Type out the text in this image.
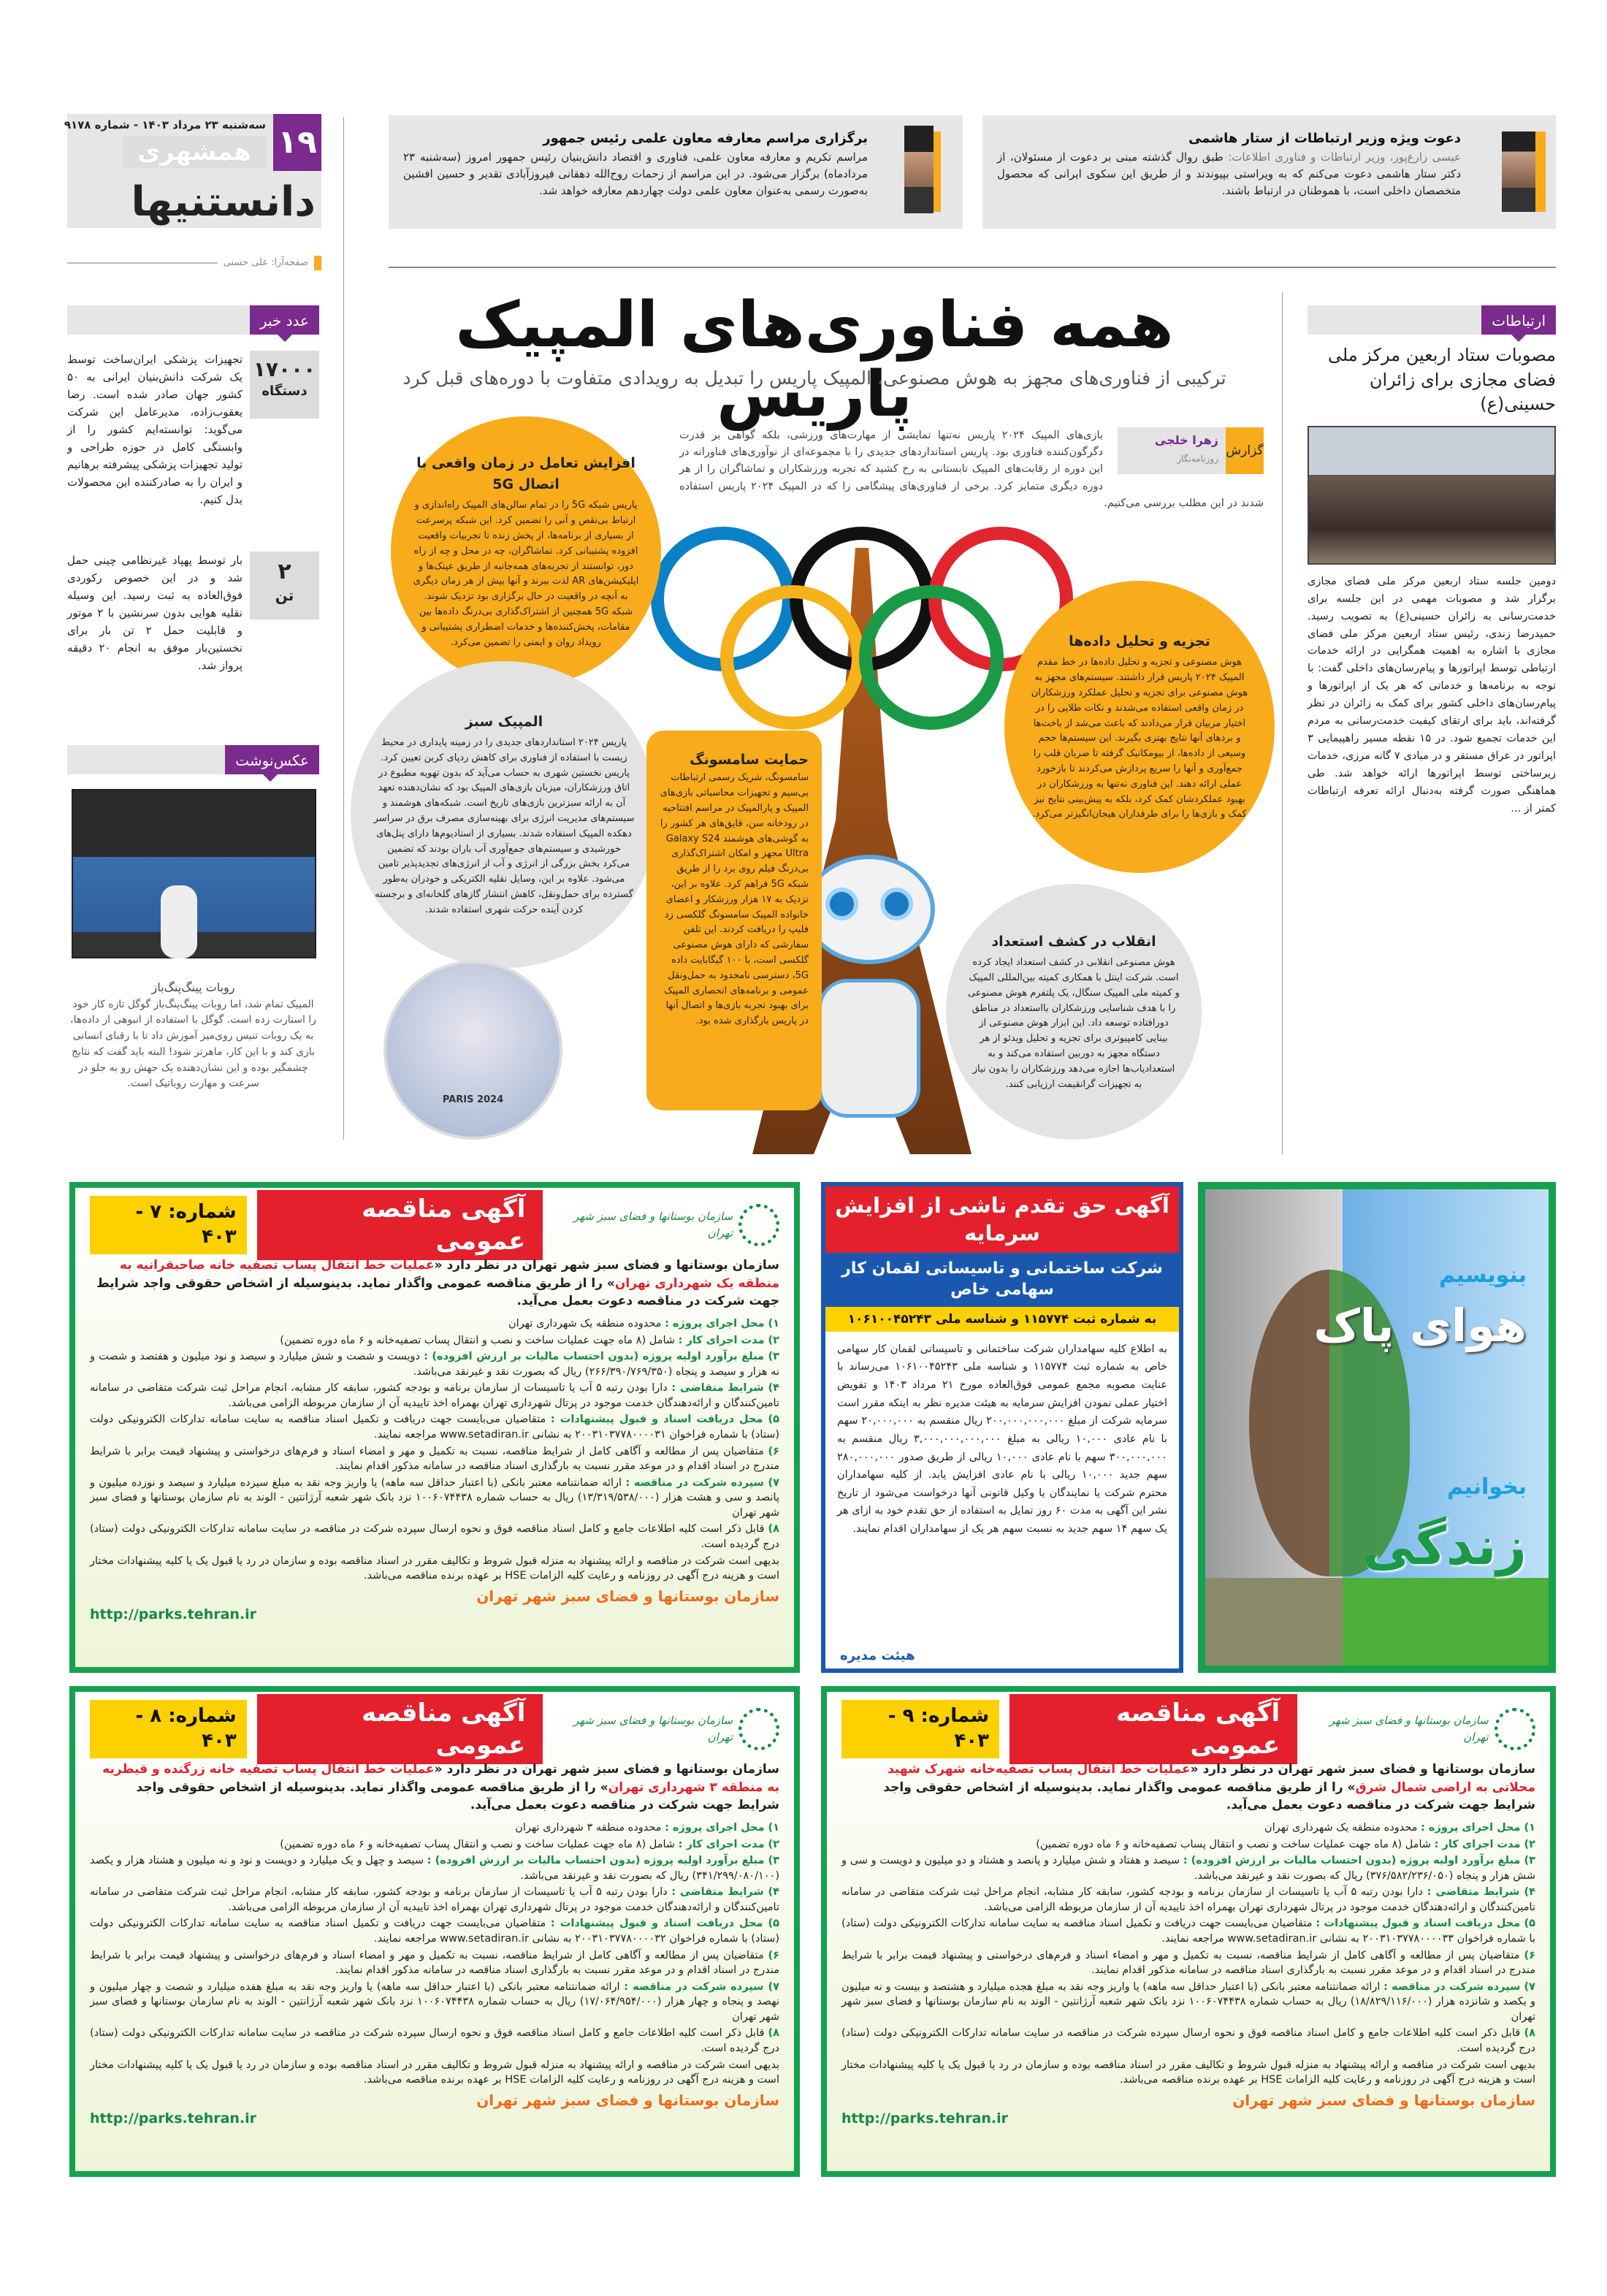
۱۹
سه‌شنبه ۲۳ مرداد ۱۴۰۳ - شماره ۹۱۷۸
همشهری
دانستنیها
صفحه‌آرا: علی حسنی
برگزاری مراسم معارفه معاون علمی رئیس جمهور
مراسم تکریم و معارفه معاون علمی، فناوری و اقتصاد دانش‌بنیان رئیس جمهور امروز (سه‌شنبه ۲۳ مردادماه) برگزار می‌شود. در این مراسم از زحمات روح‌الله دهقانی فیروزآبادی تقدیر و حسین افشین به‌صورت رسمی به‌عنوان معاون علمی دولت چهاردهم معارفه خواهد شد.
دعوت ویژه وزیر ارتباطات از ستار هاشمی
عیسی زارع‌پور، وزیر ارتباطات و فناوری اطلاعات: طبق روال گذشته مبنی بر دعوت از مسئولان، از دکتر ستار هاشمی دعوت می‌کنم که به ویراستی بپیوندند و از طریق این سکوی ایرانی که محصول متخصصان داخلی است، با هموطنان در ارتباط باشند.
عدد خبر
۱۷۰۰۰
دستگاه
تجهیزات پزشکی ایران‌ساخت توسط یک شرکت دانش‌بنیان ایرانی به ۵۰ کشور جهان صادر شده است. رضا یعقوب‌زاده، مدیرعامل این شرکت می‌گوید: توانسته‌ایم کشور را از وابستگی کامل در حوزه طراحی و تولید تجهیزات پزشکی پیشرفته برهانیم و ایران را به صادرکننده این محصولات بدل کنیم.
۲
تن
بار توسط پهپاد غیرنظامی چینی حمل شد و در این خصوص رکوردی فوق‌العاده به ثبت رسید. این وسیله نقلیه هوایی بدون سرنشین با ۲ موتور و قابلیت حمل ۲ تن بار برای نخستین‌بار موفق به انجام ۲۰ دقیقه پرواز شد.
عکس‌نوشت
روبات پینگ‌پنگ‌باز
المپیک تمام شد، اما روبات پینگ‌پنگ‌باز گوگل تازه کار خود را استارت زده است. گوگل با استفاده از انبوهی از داده‌ها، به یک روبات تنیس روی‌میز آموزش داد تا با رقبای انسانی بازی کند و با این کار، ماهرتر شود! البته باید گفت که نتایج چشمگیر بوده و این نشان‌دهنده یک جهش رو به جلو در سرعت و مهارت روباتیک است.
همه فناوری‌های المپیک پاریس
ترکیبی از فناوری‌های مجهز به هوش مصنوعی، المپیک پاریس را تبدیل به رویدادی متفاوت با دوره‌های قبل کرد
گزارش
زهرا خلجی
روزنامه‌نگار
بازی‌های المپیک ۲۰۲۴ پاریس نه‌تنها نمایشی از مهارت‌های ورزشی، بلکه گواهی بر قدرت دگرگون‌کننده فناوری بود. پاریس استانداردهای جدیدی را با مجموعه‌ای از نوآوری‌های فناورانه در این دوره از رقابت‌های المپیک تابستانی به رخ کشید که تجربه ورزشکاران و تماشاگران را از هر دوره دیگری متمایز کرد. برخی از فناوری‌های پیشگامی را که در المپیک ۲۰۲۴ پاریس استفاده شدند در این مطلب بررسی می‌کنیم.
افزایش تعامل در زمان واقعی با اتصال 5G

پاریس شبکه 5G را در تمام سالن‌های المپیک راه‌اندازی و ارتباط بی‌نقص و آنی را تضمین کرد. این شبکه پرسرعت از بسیاری از برنامه‌ها، از پخش زنده تا تجربیات واقعیت افزوده پشتیبانی کرد. تماشاگران، چه در محل و چه از راه دور، توانستند از تجربه‌های همه‌جانبه از طریق عینک‌ها و اپلیکیشن‌های AR لذت ببرند و آنها بیش از هر زمان دیگری به آنچه در واقعیت در حال برگزاری بود نزدیک شوند. شبکه 5G همچنین از اشتراک‌گذاری بی‌درنگ داده‌ها بین مقامات، پخش‌کننده‌ها و خدمات اضطراری پشتیبانی و رویداد روان و ایمنی را تضمین می‌کرد.

المپیک سبز

پاریس ۲۰۲۴ استانداردهای جدیدی را در زمینه پایداری در محیط زیست با استفاده از فناوری برای کاهش ردپای کربن تعیین کرد. پاریس نخستین شهری به حساب می‌آید که بدون تهویه مطبوع در اتاق ورزشکاران، میزبان بازی‌های المپیک بود که نشان‌دهنده تعهد آن به ارائه سبزترین بازی‌های تاریخ است. شبکه‌های هوشمند و سیستم‌های مدیریت انرژی برای بهینه‌سازی مصرف برق در سراسر دهکده المپیک استفاده شدند. بسیاری از استادیوم‌ها دارای پنل‌های خورشیدی و سیستم‌های جمع‌آوری آب باران بودند که تضمین می‌کرد بخش بزرگی از انرژی و آب از انرژی‌های تجدیدپذیر تامین می‌شود. علاوه بر این، وسایل نقلیه الکتریکی و خودران به‌طور گسترده برای حمل‌ونقل، کاهش انتشار گازهای گلخانه‌ای و برجسته کردن آینده حرکت شهری استفاده شدند.

PARIS 2024
حمایت سامسونگ

سامسونگ، شریک رسمی ارتباطات بی‌سیم و تجهیزات محاسباتی بازی‌های المپیک و پارالمپیک در مراسم افتتاحیه در رودخانه سن، قایق‌های هر کشور را به گوشی‌های هوشمند Galaxy S24 Ultra مجهز و امکان اشتراک‌گذاری بی‌درنگ فیلم روی برد را از طریق شبکه 5G فراهم کرد. علاوه بر این، نزدیک به ۱۷ هزار ورزشکار و اعضای خانواده المپیک سامسونگ گلکسی زد فلیپ را دریافت کردند. این تلفن سفارشی که دارای هوش مصنوعی گلکسی است، با ۱۰۰ گیگابایت داده 5G، دسترسی نامحدود به حمل‌ونقل عمومی و برنامه‌های انحصاری المپیک برای بهبود تجربه بازی‌ها و اتصال آنها در پاریس بارگذاری شده بود.

تجزیه و تحلیل داده‌ها

هوش مصنوعی و تجزیه و تحلیل داده‌ها در خط مقدم المپیک ۲۰۲۴ پاریس قرار داشتند. سیستم‌های مجهز به هوش مصنوعی برای تجزیه و تحلیل عملکرد ورزشکاران در زمان واقعی استفاده می‌شدند و نکات طلایی را در اختیار مربیان قرار می‌دادند که باعث می‌شد از باخت‌ها و بردهای آنها نتایج بهتری بگیرند. این سیستم‌ها حجم وسیعی از داده‌ها، از بیومکانیک گرفته تا ضربان قلب را جمع‌آوری و آنها را سریع پردازش می‌کردند تا بازخورد عملی ارائه دهند. این فناوری نه‌تنها به ورزشکاران در بهبود عملکردشان کمک کرد، بلکه به پیش‌بینی نتایج نیز کمک و بازی‌ها را برای طرفداران هیجان‌انگیزتر می‌کرد.

انقلاب در کشف استعداد

هوش مصنوعی انقلابی در کشف استعداد ایجاد کرده است. شرکت اینتل با همکاری کمیته بین‌المللی المپیک و کمیته ملی المپیک سنگال، یک پلتفرم هوش مصنوعی را با هدف شناسایی ورزشکاران بااستعداد در مناطق دورافتاده توسعه داد. این ابزار هوش مصنوعی از بینایی کامپیوتری برای تجزیه و تحلیل ویدئو از هر دستگاه مجهز به دوربین استفاده می‌کند و به استعدادیاب‌ها اجازه می‌دهد ورزشکاران را بدون نیاز به تجهیزات گرانقیمت ارزیابی کنند.

ارتباطات
مصوبات ستاد اربعین مرکز ملی فضای مجازی برای زائران حسینی(ع)
دومین جلسه ستاد اربعین مرکز ملی فضای مجازی برگزار شد و مصوبات مهمی در این جلسه برای خدمت‌رسانی به زائران حسینی(ع) به تصویب رسید. حمیدرضا زندی، رئیس ستاد اربعین مرکز ملی فضای مجازی با اشاره به اهمیت همگرایی در ارائه خدمات ارتباطی توسط اپراتورها و پیام‌رسان‌های داخلی گفت: با توجه به برنامه‌ها و خدماتی که هر یک از اپراتورها و پیام‌رسان‌های داخلی کشور برای کمک به زائران در نظر گرفته‌اند، باید برای ارتقای کیفیت خدمت‌رسانی به مردم این خدمات تجمیع شود. در ۱۵ نقطه مسیر راهپیمایی ۳ اپراتور در عراق مستقر و در مبادی ۷ گانه مرزی، خدمات زیرساختی توسط اپراتورها ارائه خواهد شد. طی هماهنگی صورت گرفته به‌دنبال ارائه تعرفه ارتباطات کمتر از ...
سازمان بوستانها و فضای سبز شهر تهران
آگهی مناقصه عمومی
شماره: ۷ - ۴۰۳
سازمان بوستانها و فضای سبز شهر تهران در نظر دارد «عملیات خط انتقال پساب تصفیه خانه صاحبقرانیه به منطقه یک شهرداری تهران» را از طریق مناقصه عمومی واگذار نماید. بدینوسیله از اشخاص حقوقی واجد شرایط جهت شرکت در مناقصه دعوت بعمل می‌آید.
۱) محل اجرای پروژه : محدوده منطقه یک شهرداری تهران
۲) مدت اجرای کار : شامل (۸ ماه جهت عملیات ساخت و نصب و انتقال پساب تصفیه‌خانه و ۶ ماه دوره تضمین)
۳) مبلغ برآورد اولیه پروژه (بدون احتساب مالیات بر ارزش افزوده) : دویست و شصت و شش میلیارد و سیصد و نود میلیون و هفتصد و شصت و نه هزار و سیصد و پنجاه (۲۶۶/۳۹۰/۷۶۹/۳۵۰) ریال که بصورت نقد و غیرنقد می‌باشد.
۴) شرایط متقاضی : دارا بودن رتبه ۵ آب یا تاسیسات از سازمان برنامه و بودجه کشور، سابقه کار مشابه، انجام مراحل ثبت شرکت متقاضی در سامانه تامین‌کنندگان و ارائه‌دهندگان خدمت موجود در پرتال شهرداری تهران بهمراه اخذ تاییدیه آن از سازمان مربوطه الزامی می‌باشد.
۵) محل دریافت اسناد و قبول پیشنهادات : متقاضیان می‌بایست جهت دریافت و تکمیل اسناد مناقصه به سایت سامانه تدارکات الکترونیکی دولت (ستاد) با شماره فراخوان ۲۰۰۳۱۰۳۷۷۸۰۰۰۰۳۱ به نشانی www.setadiran.ir مراجعه نمایند.
۶) متقاضیان پس از مطالعه و آگاهی کامل از شرایط مناقصه، نسبت به تکمیل و مهر و امضاء اسناد و فرم‌های درخواستی و پیشنهاد قیمت برابر با شرایط مندرج در اسناد اقدام و در موعد مقرر نسبت به بارگذاری اسناد مناقصه در سامانه مذکور اقدام نمایند.
۷) سپرده شرکت در مناقصه : ارائه ضمانتنامه معتبر بانکی (با اعتبار حداقل سه ماهه) یا واریز وجه نقد به مبلغ سیزده میلیارد و سیصد و نوزده میلیون و پانصد و سی و هشت هزار (۱۳/۳۱۹/۵۳۸/۰۰۰) ریال به حساب شماره ۱۰۰۶۰۷۴۴۳۸ نزد بانک شهر شعبه آرژانتین - الوند به نام سازمان بوستانها و فضای سبز شهر تهران
۸) قابل ذکر است کلیه اطلاعات جامع و کامل اسناد مناقصه فوق و نحوه ارسال سپرده شرکت در مناقصه در سایت سامانه تدارکات الکترونیکی دولت (ستاد) درج گردیده است.
بدیهی است شرکت در مناقصه و ارائه پیشنهاد به منزله قبول شروط و تکالیف مقرر در اسناد مناقصه بوده و سازمان در رد یا قبول یک یا کلیه پیشنهادات مختار است و هزینه درج آگهی در روزنامه و رعایت کلیه الزامات HSE بر عهده برنده مناقصه می‌باشد.
سازمان بوستانها و فضای سبز شهر تهران
http://parks.tehran.ir
آگهی حق تقدم ناشی از افزایش سرمایه
شرکت ساختمانی و تاسیساتی لقمان کار سهامی خاص
به شماره ثبت ۱۱۵۷۷۴ و شناسه ملی ۱۰۶۱۰۰۴۵۲۴۳
به اطلاع کلیه سهامداران شرکت ساختمانی و تاسیساتی لقمان کار سهامی خاص به شماره ثبت ۱۱۵۷۷۴ و شناسه ملی ۱۰۶۱۰۰۴۵۲۴۳ می‌رساند با عنایت مصوبه مجمع عمومی فوق‌العاده مورخ ۲۱ مرداد ۱۴۰۳ و تفویض اختیار عملی نمودن افزایش سرمایه به هیئت مدیره نظر به اینکه مقرر است سرمایه شرکت از مبلغ ۲۰۰,۰۰۰,۰۰۰,۰۰۰ ریال منقسم به ۲۰,۰۰۰,۰۰۰ سهم با نام عادی ۱۰,۰۰۰ ریالی به مبلغ ۳,۰۰۰,۰۰۰,۰۰۰,۰۰۰ ریال منقسم به ۳۰۰,۰۰۰,۰۰۰ سهم با نام عادی ۱۰,۰۰۰ ریالی از طریق صدور ۲۸۰,۰۰۰,۰۰۰ سهم جدید ۱۰,۰۰۰ ریالی با نام عادی افزایش یابد. از کلیه سهامداران محترم شرکت یا نمایندگان یا وکیل قانونی آنها درخواست می‌شود از تاریخ نشر این آگهی به مدت ۶۰ روز تمایل به استفاده از حق تقدم خود به ازای هر یک سهم ۱۴ سهم جدید به نسبت سهم هر یک از سهامداران اقدام نمایند.
هیئت مدیره
بنویسیم
هوای پاک
بخوانیم
زندگی
سازمان بوستانها و فضای سبز شهر تهران
آگهی مناقصه عمومی
شماره: ۸ - ۴۰۳
سازمان بوستانها و فضای سبز شهر تهران در نظر دارد «عملیات خط انتقال پساب تصفیه خانه زرگنده و قیطریه به منطقه ۳ شهرداری تهران» را از طریق مناقصه عمومی واگذار نماید. بدینوسیله از اشخاص حقوقی واجد شرایط جهت شرکت در مناقصه دعوت بعمل می‌آید.
۱) محل اجرای پروژه : محدوده منطقه ۳ شهرداری تهران
۲) مدت اجرای کار : شامل (۸ ماه جهت عملیات ساخت و نصب و انتقال پساب تصفیه‌خانه و ۶ ماه دوره تضمین)
۳) مبلغ برآورد اولیه پروژه (بدون احتساب مالیات بر ارزش افزوده) : سیصد و چهل و یک میلیارد و دویست و نود و نه میلیون و هشتاد هزار و یکصد (۳۴۱/۲۹۹/۰۸۰/۱۰۰) ریال که بصورت نقد و غیرنقد می‌باشد.
۴) شرایط متقاضی : دارا بودن رتبه ۵ آب یا تاسیسات از سازمان برنامه و بودجه کشور، سابقه کار مشابه، انجام مراحل ثبت شرکت متقاضی در سامانه تامین‌کنندگان و ارائه‌دهندگان خدمت موجود در پرتال شهرداری تهران بهمراه اخذ تاییدیه آن از سازمان مربوطه الزامی می‌باشد.
۵) محل دریافت اسناد و قبول پیشنهادات : متقاضیان می‌بایست جهت دریافت و تکمیل اسناد مناقصه به سایت سامانه تدارکات الکترونیکی دولت (ستاد) با شماره فراخوان ۲۰۰۳۱۰۳۷۷۸۰۰۰۰۳۲ به نشانی www.setadiran.ir مراجعه نمایند.
۶) متقاضیان پس از مطالعه و آگاهی کامل از شرایط مناقصه، نسبت به تکمیل و مهر و امضاء اسناد و فرم‌های درخواستی و پیشنهاد قیمت برابر با شرایط مندرج در اسناد اقدام و در موعد مقرر نسبت به بارگذاری اسناد مناقصه در سامانه مذکور اقدام نمایند.
۷) سپرده شرکت در مناقصه : ارائه ضمانتنامه معتبر بانکی (با اعتبار حداقل سه ماهه) یا واریز وجه نقد به مبلغ هفده میلیارد و شصت و چهار میلیون و نهصد و پنجاه و چهار هزار (۱۷/۰۶۴/۹۵۴/۰۰۰) ریال به حساب شماره ۱۰۰۶۰۷۴۴۳۸ نزد بانک شهر شعبه آرژانتین - الوند به نام سازمان بوستانها و فضای سبز شهر تهران
۸) قابل ذکر است کلیه اطلاعات جامع و کامل اسناد مناقصه فوق و نحوه ارسال سپرده شرکت در مناقصه در سایت سامانه تدارکات الکترونیکی دولت (ستاد) درج گردیده است.
بدیهی است شرکت در مناقصه و ارائه پیشنهاد به منزله قبول شروط و تکالیف مقرر در اسناد مناقصه بوده و سازمان در رد یا قبول یک یا کلیه پیشنهادات مختار است و هزینه درج آگهی در روزنامه و رعایت کلیه الزامات HSE بر عهده برنده مناقصه می‌باشد.
سازمان بوستانها و فضای سبز شهر تهران
http://parks.tehran.ir
سازمان بوستانها و فضای سبز شهر تهران
آگهی مناقصه عمومی
شماره: ۹ - ۴۰۳
سازمان بوستانها و فضای سبز شهر تهران در نظر دارد «عملیات خط انتقال پساب تصفیه‌خانه شهرک شهید محلاتی به اراضی شمال شرق» را از طریق مناقصه عمومی واگذار نماید. بدینوسیله از اشخاص حقوقی واجد شرایط جهت شرکت در مناقصه دعوت بعمل می‌آید.
۱) محل اجرای پروژه : محدوده منطقه یک شهرداری تهران
۲) مدت اجرای کار : شامل (۸ ماه جهت عملیات ساخت و نصب و انتقال پساب تصفیه‌خانه و ۶ ماه دوره تضمین)
۳) مبلغ برآورد اولیه پروژه (بدون احتساب مالیات بر ارزش افزوده) : سیصد و هفتاد و شش میلیارد و پانصد و هشتاد و دو میلیون و دویست و سی و شش هزار و پنجاه (۳۷۶/۵۸۲/۲۳۶/۰۵۰) ریال که بصورت نقد و غیرنقد می‌باشد.
۴) شرایط متقاضی : دارا بودن رتبه ۵ آب یا تاسیسات از سازمان برنامه و بودجه کشور، سابقه کار مشابه، انجام مراحل ثبت شرکت متقاضی در سامانه تامین‌کنندگان و ارائه‌دهندگان خدمت موجود در پرتال شهرداری تهران بهمراه اخذ تاییدیه آن از سازمان مربوطه الزامی می‌باشد.
۵) محل دریافت اسناد و قبول پیشنهادات : متقاضیان می‌بایست جهت دریافت و تکمیل اسناد مناقصه به سایت سامانه تدارکات الکترونیکی دولت (ستاد) با شماره فراخوان ۲۰۰۳۱۰۳۷۷۸۰۰۰۰۳۳ به نشانی www.setadiran.ir مراجعه نمایند.
۶) متقاضیان پس از مطالعه و آگاهی کامل از شرایط مناقصه، نسبت به تکمیل و مهر و امضاء اسناد و فرم‌های درخواستی و پیشنهاد قیمت برابر با شرایط مندرج در اسناد اقدام و در موعد مقرر نسبت به بارگذاری اسناد مناقصه در سامانه مذکور اقدام نمایند.
۷) سپرده شرکت در مناقصه : ارائه ضمانتنامه معتبر بانکی (با اعتبار حداقل سه ماهه) یا واریز وجه نقد به مبلغ هجده میلیارد و هشتصد و بیست و نه میلیون و یکصد و شانزده هزار (۱۸/۸۲۹/۱۱۶/۰۰۰) ریال به حساب شماره ۱۰۰۶۰۷۴۴۳۸ نزد بانک شهر شعبه آرژانتین - الوند به نام سازمان بوستانها و فضای سبز شهر تهران
۸) قابل ذکر است کلیه اطلاعات جامع و کامل اسناد مناقصه فوق و نحوه ارسال سپرده شرکت در مناقصه در سایت سامانه تدارکات الکترونیکی دولت (ستاد) درج گردیده است.
بدیهی است شرکت در مناقصه و ارائه پیشنهاد به منزله قبول شروط و تکالیف مقرر در اسناد مناقصه بوده و سازمان در رد یا قبول یک یا کلیه پیشنهادات مختار است و هزینه درج آگهی در روزنامه و رعایت کلیه الزامات HSE بر عهده برنده مناقصه می‌باشد.
سازمان بوستانها و فضای سبز شهر تهران
http://parks.tehran.ir
